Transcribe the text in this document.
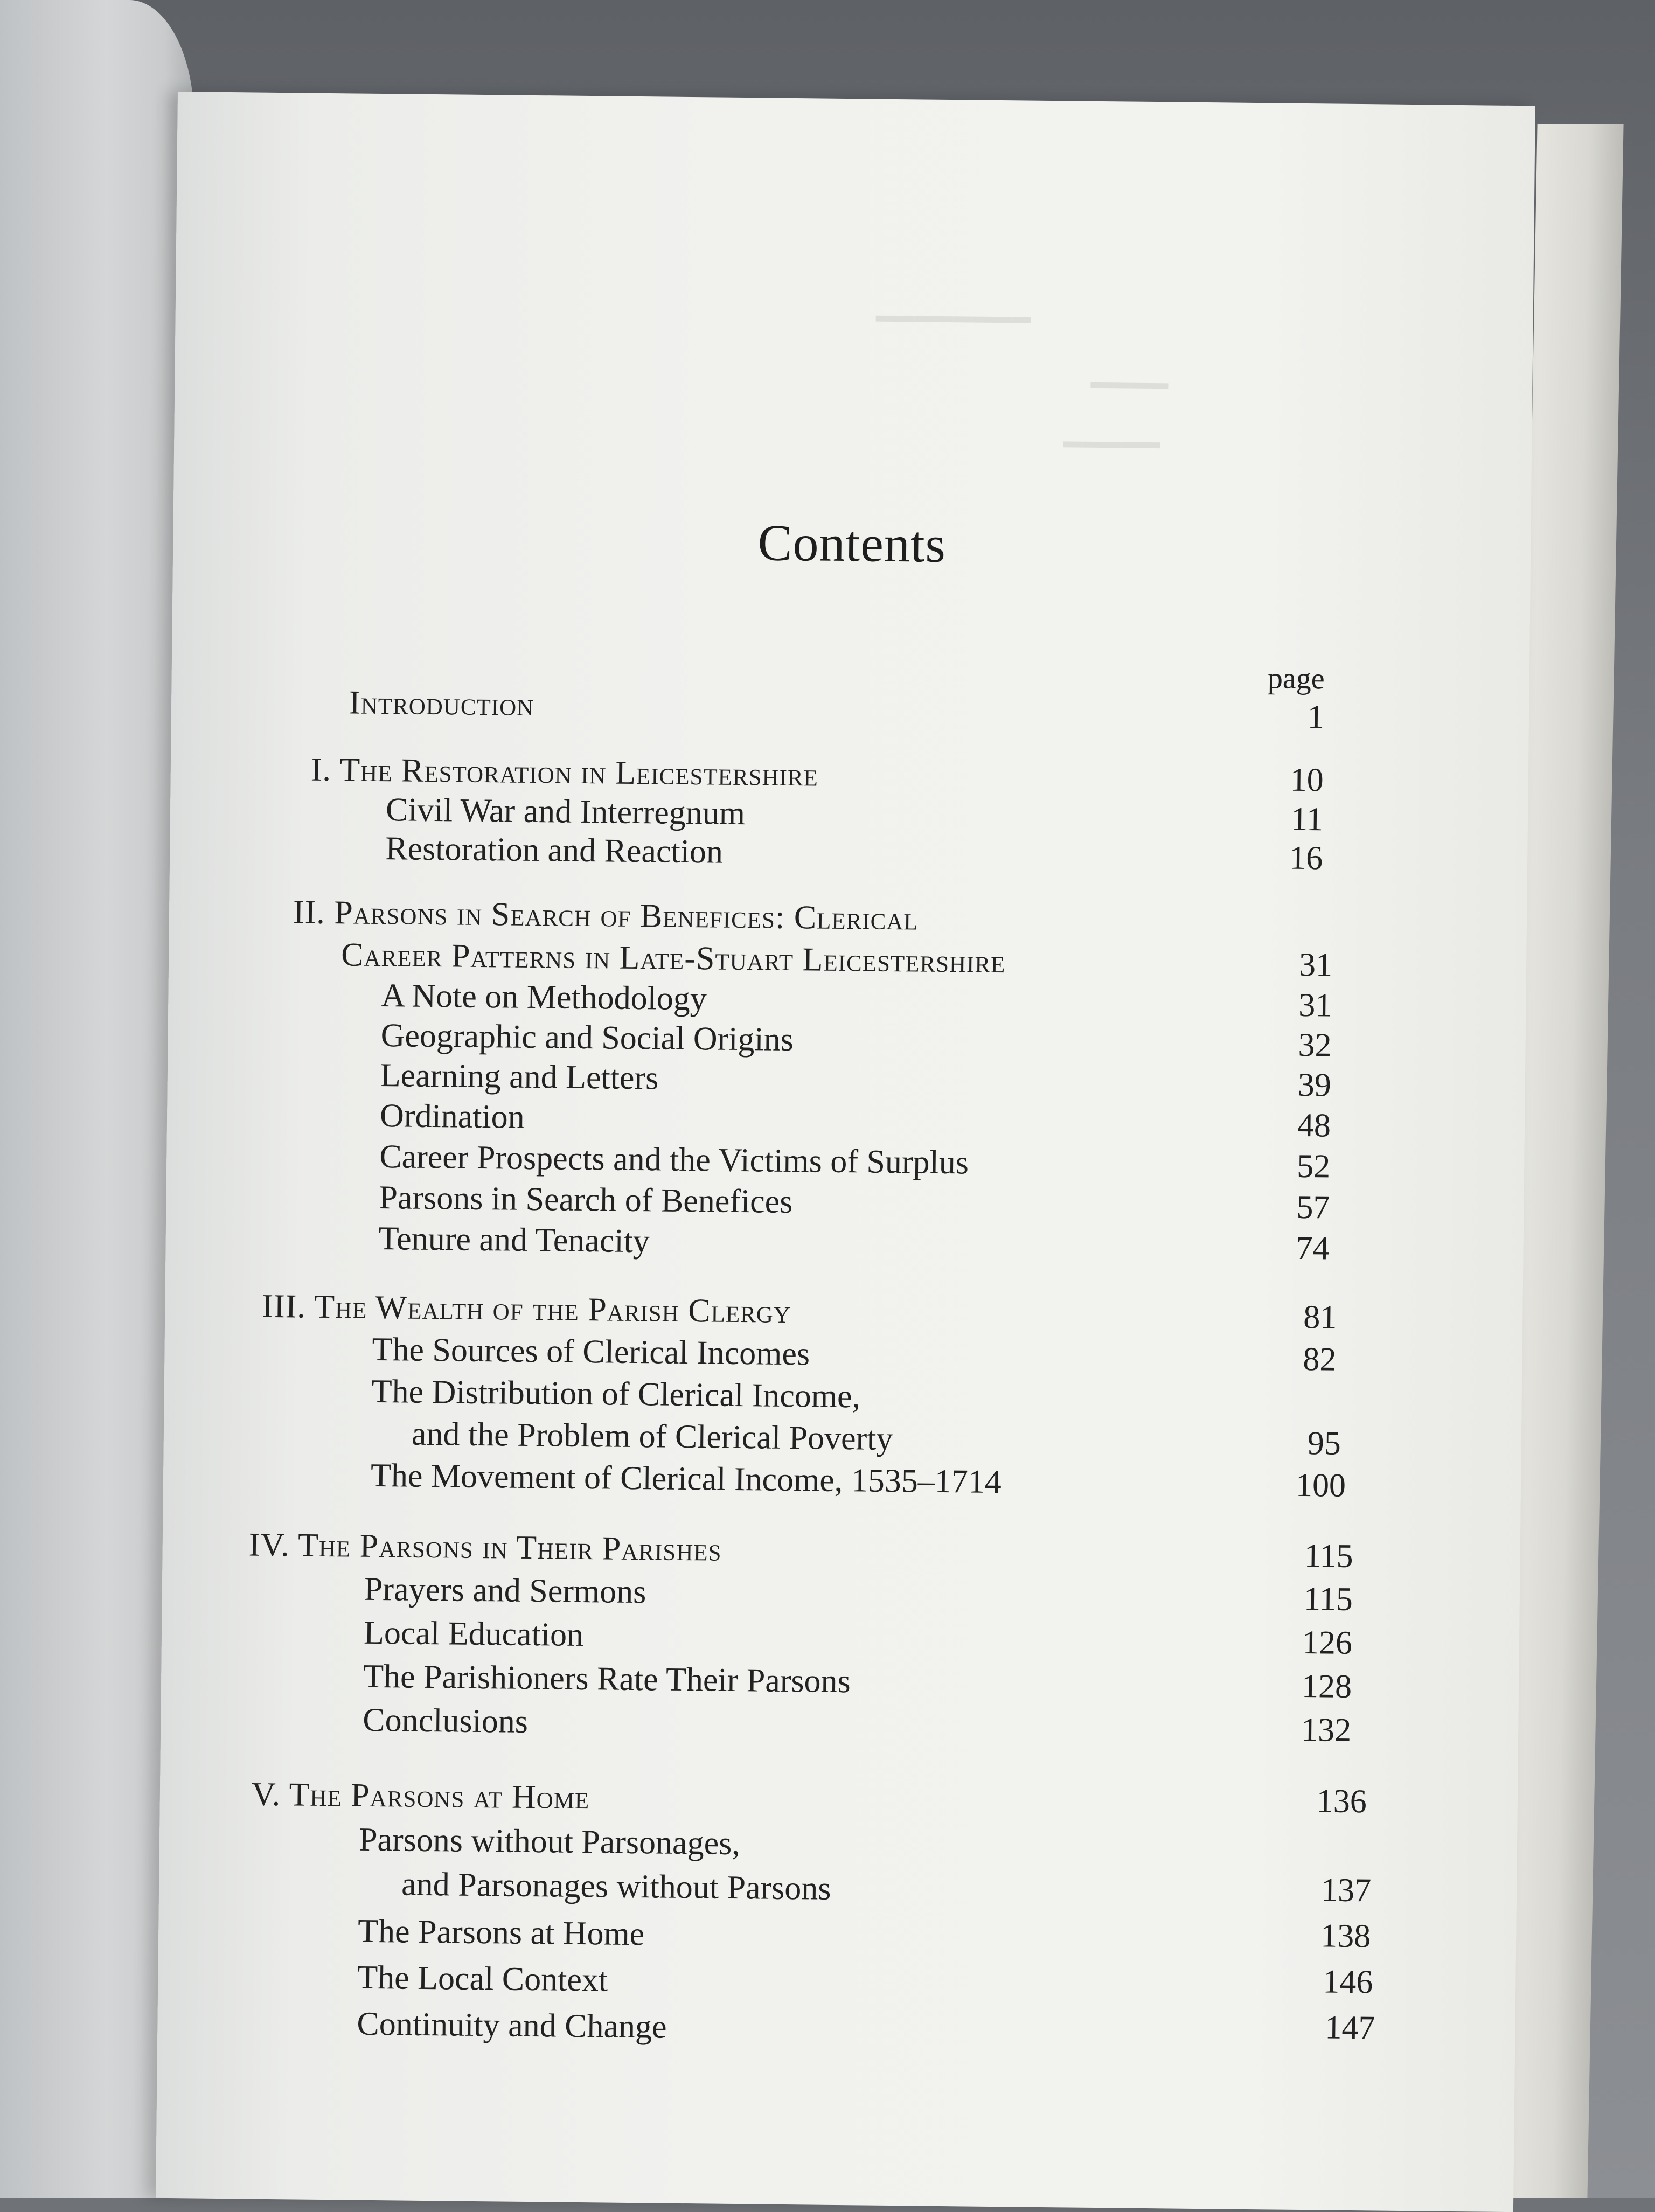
▬▬▬▬▬▬▬▬
▬▬▬▬
▬▬▬▬▬
Contents
page
Introduction	1
I. The Restoration in Leicestershire	10
Civil War and Interregnum	11
Restoration and Reaction	16
II. Parsons in Search of Benefices: Clerical
Career Patterns in Late-Stuart Leicestershire	31
A Note on Methodology	31
Geographic and Social Origins	32
Learning and Letters	39
Ordination	48
Career Prospects and the Victims of Surplus	52
Parsons in Search of Benefices	57
Tenure and Tenacity	74
III. The Wealth of the Parish Clergy	81
The Sources of Clerical Incomes	82
The Distribution of Clerical Income,
and the Problem of Clerical Poverty	95
The Movement of Clerical Income, 1535–1714	100
IV. The Parsons in Their Parishes	115
Prayers and Sermons	115
Local Education	126
The Parishioners Rate Their Parsons	128
Conclusions	132
V. The Parsons at Home	136
Parsons without Parsonages,
and Parsonages without Parsons	137
The Parsons at Home	138
The Local Context	146
Continuity and Change	147
